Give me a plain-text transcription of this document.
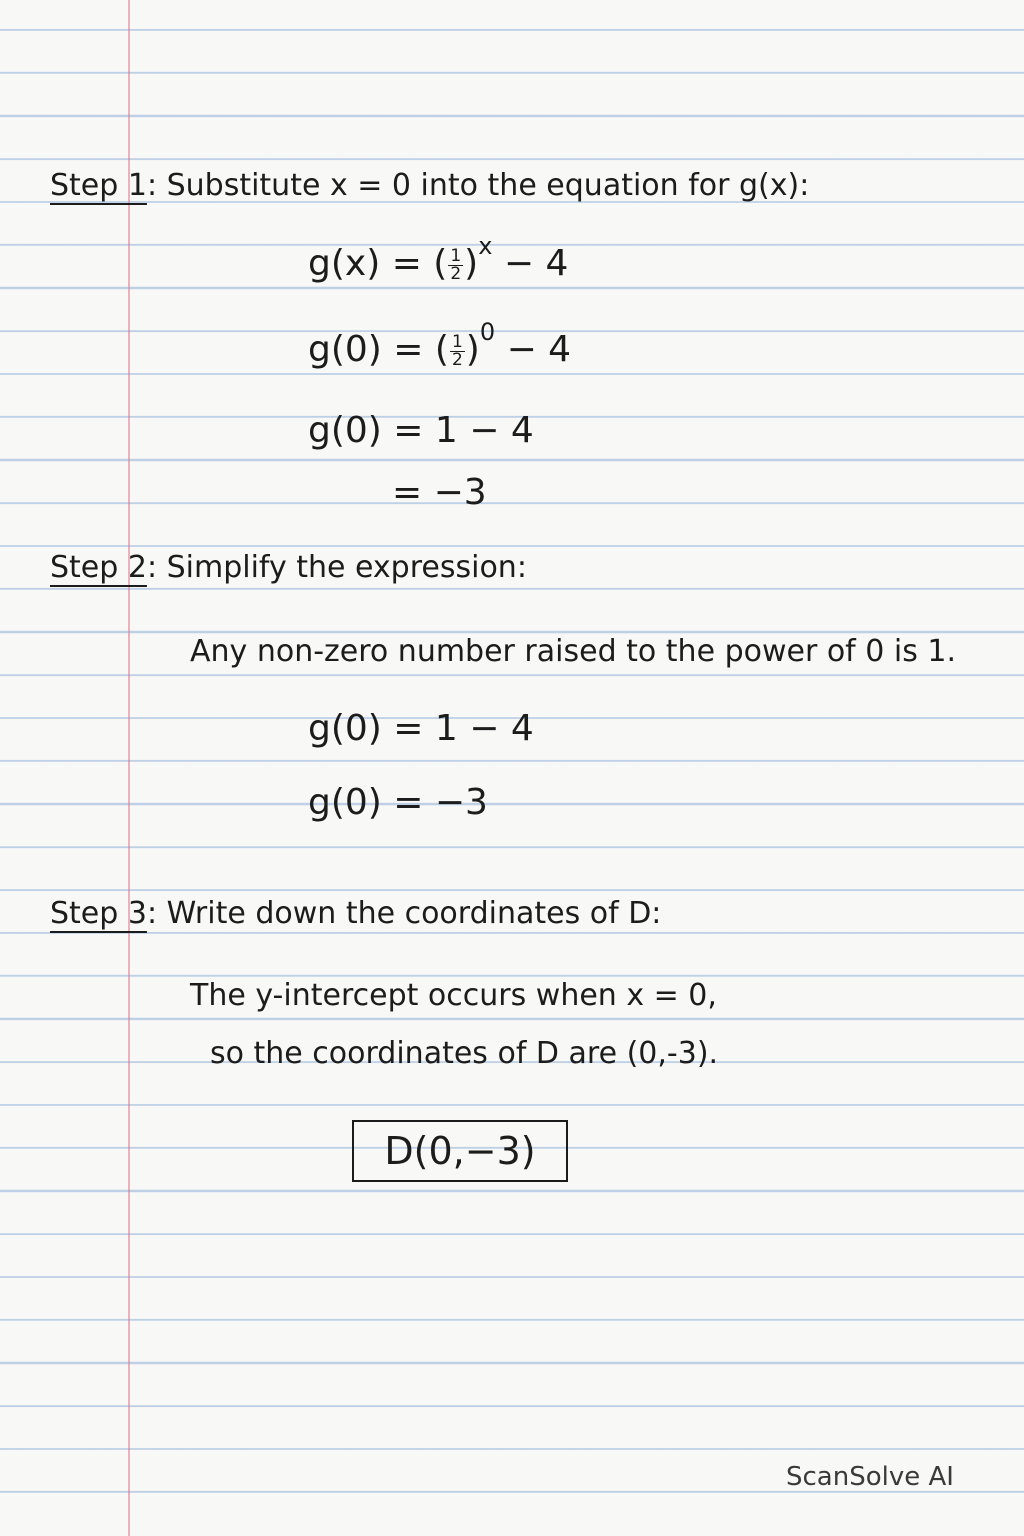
Step 1: Substitute x = 0 into the equation for g(x):
g(x) = ( $\frac{1}{2} )^x - 4$
g(0) = ( $\frac{1}{2} )^0 - 4$
g(0) = 1 − 4
= −3
Step 2: Simplify the expression:
Any non-zero number raised to the power of 0 is 1.
g(0) = 1 − 4
g(0) = −3
Step 3: Write down the coordinates of D:
The y-intercept occurs when x = 0,
so the coordinates of D are (0,-3).
D(0,−3)
ScanSolve AI
